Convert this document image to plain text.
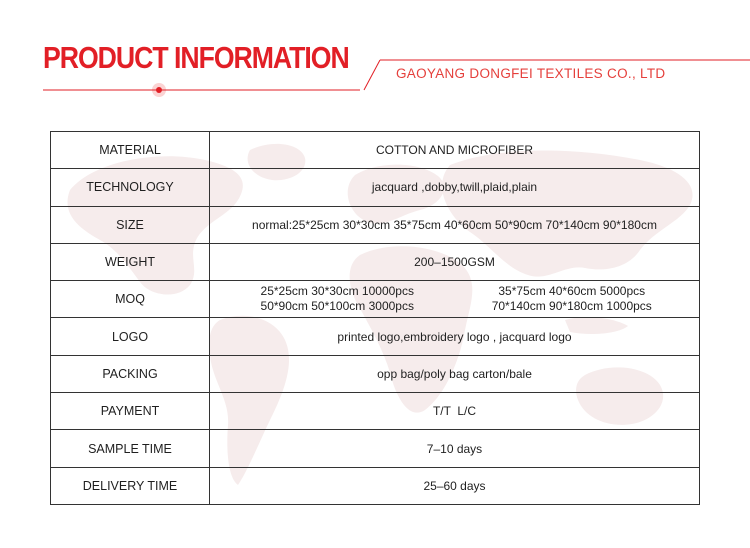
PRODUCT INFORMATION	GAOYANG DONGFEI TEXTILES CO., LTD
MATERIAL	COTTON AND MICROFIBER
TECHNOLOGY	jacquard ,dobby,twill,plaid,plain
SIZE	normal:25*25cm 30*30cm 35*75cm 40*60cm 50*90cm 70*140cm 90*180cm
WEIGHT	200–1500GSM
MOQ	25*25cm 30*30cm 10000pcs 35*75cm 40*60cm 5000pcs
50*90cm 50*100cm 3000pcs 70*140cm 90*180cm 1000pcs

LOGO	printed logo,embroidery logo , jacquard logo
PACKING	opp bag/poly bag carton/bale
PAYMENT	T/T  L/C
SAMPLE TIME	7–10 days
DELIVERY TIME	25–60 days
